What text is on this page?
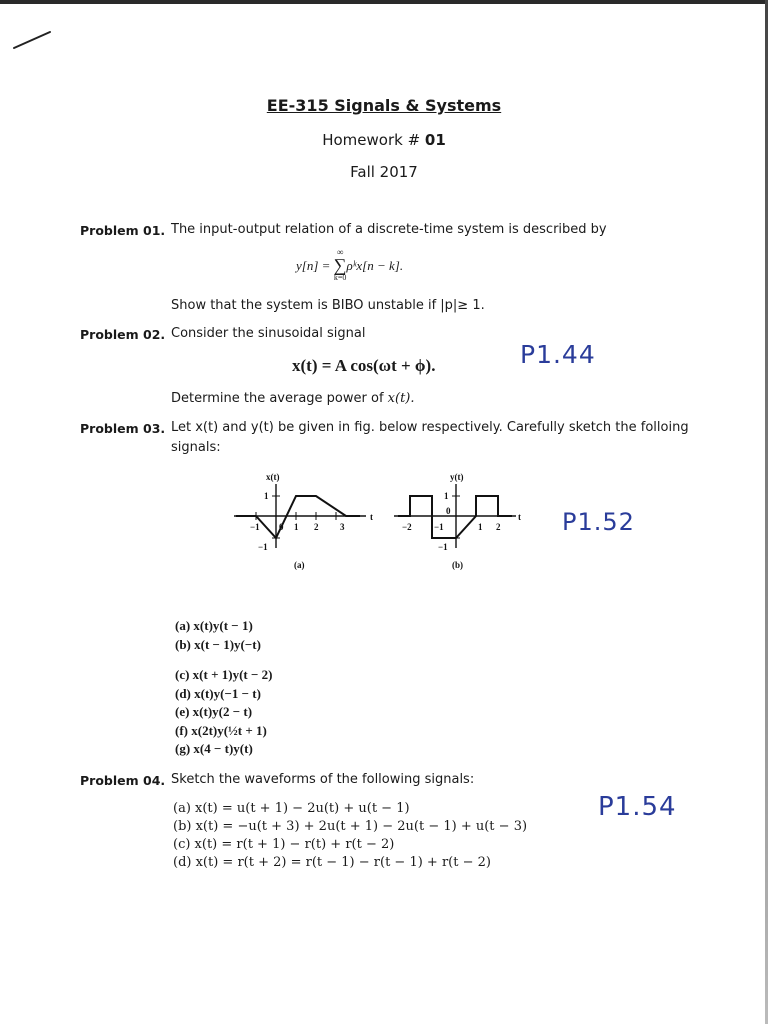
EE-315 Signals & Systems
Homework # 01
Fall 2017
Problem 01. The input-output relation of a discrete-time system is described by
y[n] =
∞
∑
k=0
ρᵏx[n − k].
Show that the system is BIBO unstable if |p|≥ 1.
Problem 02. Consider the sinusoidal signal
x(t) = A cos(ωt + ϕ).	P1.44
Determine the average power of x(t).
Problem 03. Let x(t) and y(t) be given in fig. below respectively. Carefully sketch the folloing
signals:
x(t)
1
−1
−1 0 1 2 3
t
(a)
y(t)
1
0
−1
−2 −1	1 2
t
(b)
P1.52
(a) x(t)y(t − 1)
(b) x(t − 1)y(−t)
(c) x(t + 1)y(t − 2)
(d) x(t)y(−1 − t)
(e) x(t)y(2 − t)
(f) x(2t)y(½t + 1)
(g) x(4 − t)y(t)
Problem 04. Sketch the waveforms of the following signals:
P1.54
(a) x(t) = u(t + 1) − 2u(t) + u(t − 1)
(b) x(t) = −u(t + 3) + 2u(t + 1) − 2u(t − 1) + u(t − 3)
(c) x(t) = r(t + 1) − r(t) + r(t − 2)
(d) x(t) = r(t + 2) = r(t − 1) − r(t − 1) + r(t − 2)
